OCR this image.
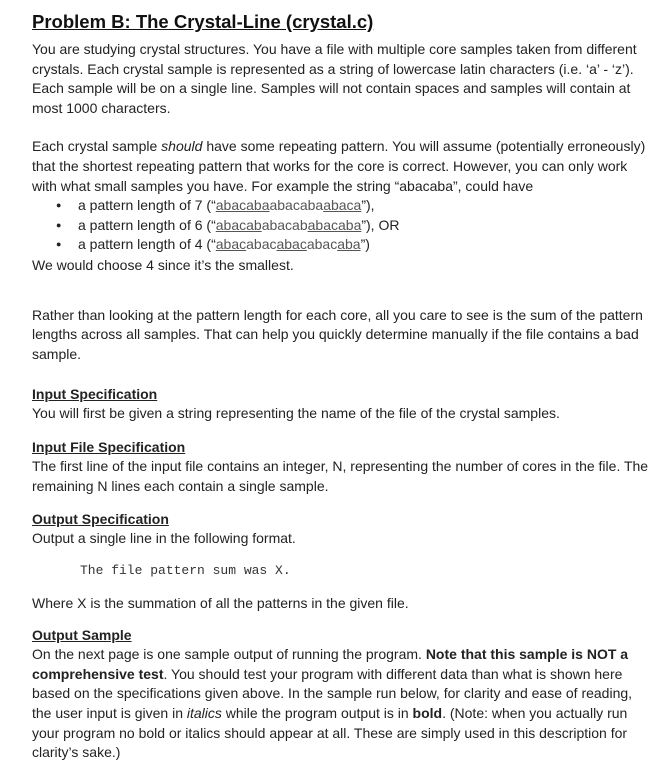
Problem B: The Crystal-Line (crystal.c)

You are studying crystal structures. You have a file with multiple core samples taken from different crystals. Each crystal sample is represented as a string of lowercase latin characters (i.e. ‘a’ - ‘z’). Each sample will be on a single line. Samples will not contain spaces and samples will contain at most 1000 characters.

Each crystal sample should have some repeating pattern. You will assume (potentially erroneously) that the shortest repeating pattern that works for the core is correct. However, you can only work with what small samples you have. For example the string “abacaba”, could have

● a pattern length of 7 (“abacabaabacabaabaca”),
● a pattern length of 6 (“abacababacababacaba”), OR
● a pattern length of 4 (“abacabacabacabacaba”)

We would choose 4 since it’s the smallest.

Rather than looking at the pattern length for each core, all you care to see is the sum of the pattern lengths across all samples. That can help you quickly determine manually if the file contains a bad sample.

Input Specification

You will first be given a string representing the name of the file of the crystal samples.

Input File Specification

The first line of the input file contains an integer, N, representing the number of cores in the file. The remaining N lines each contain a single sample.

Output Specification

Output a single line in the following format.

The file pattern sum was X.

Where X is the summation of all the patterns in the given file.

Output Sample

On the next page is one sample output of running the program. Note that this sample is NOT a comprehensive test. You should test your program with different data than what is shown here based on the specifications given above. In the sample run below, for clarity and ease of reading, the user input is given in italics while the program output is in bold. (Note: when you actually run your program no bold or italics should appear at all. These are simply used in this description for clarity’s sake.)
